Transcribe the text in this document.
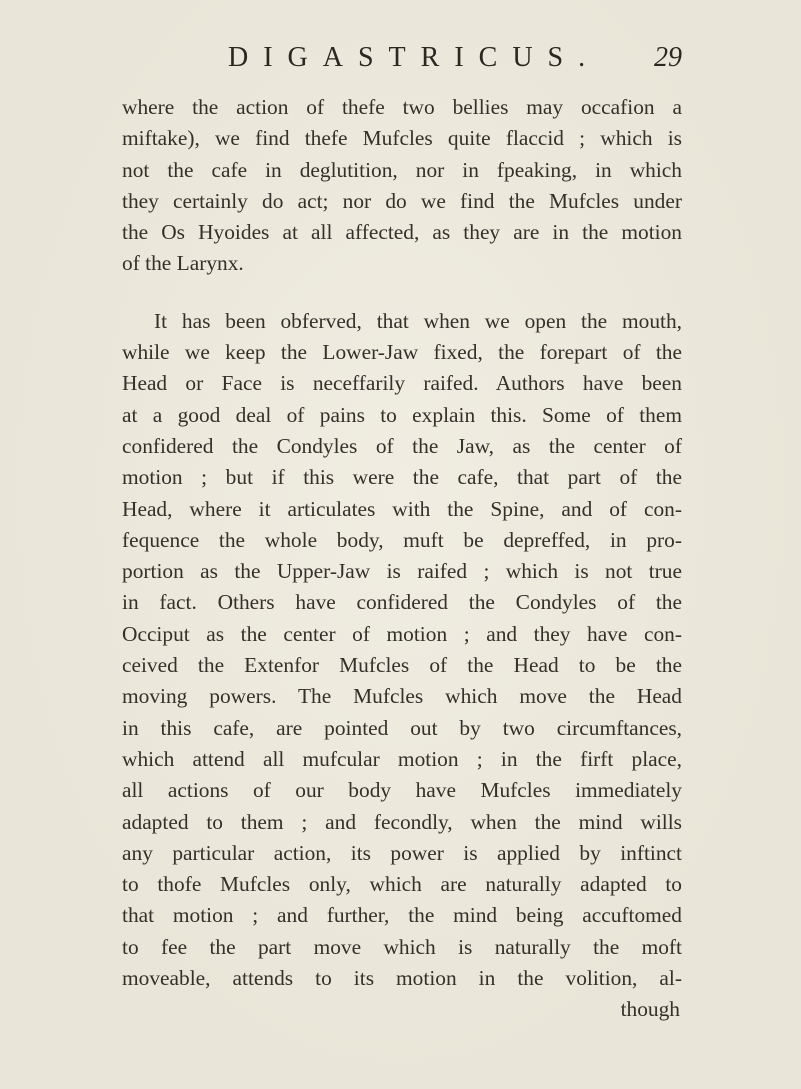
DIGASTRICUS. 29
where the action of thefe two bellies may occafion a
miftake), we find thefe Mufcles quite flaccid ; which is
not the cafe in deglutition, nor in fpeaking, in which
they certainly do act; nor do we find the Mufcles under
the Os Hyoides at all affected, as they are in the motion
of the Larynx.
It has been obferved, that when we open the mouth,
while we keep the Lower-Jaw fixed, the forepart of the
Head or Face is neceffarily raifed. Authors have been
at a good deal of pains to explain this. Some of them
confidered the Condyles of the Jaw, as the center of
motion ; but if this were the cafe, that part of the
Head, where it articulates with the Spine, and of con-
fequence the whole body, muft be depreffed, in pro-
portion as the Upper-Jaw is raifed ; which is not true
in fact. Others have confidered the Condyles of the
Occiput as the center of motion ; and they have con-
ceived the Extenfor Mufcles of the Head to be the
moving powers. The Mufcles which move the Head
in this cafe, are pointed out by two circumftances,
which attend all mufcular motion ; in the firft place,
all actions of our body have Mufcles immediately
adapted to them ; and fecondly, when the mind wills
any particular action, its power is applied by inftinct
to thofe Mufcles only, which are naturally adapted to
that motion ; and further, the mind being accuftomed
to fee the part move which is naturally the moft
moveable, attends to its motion in the volition, al-
though
